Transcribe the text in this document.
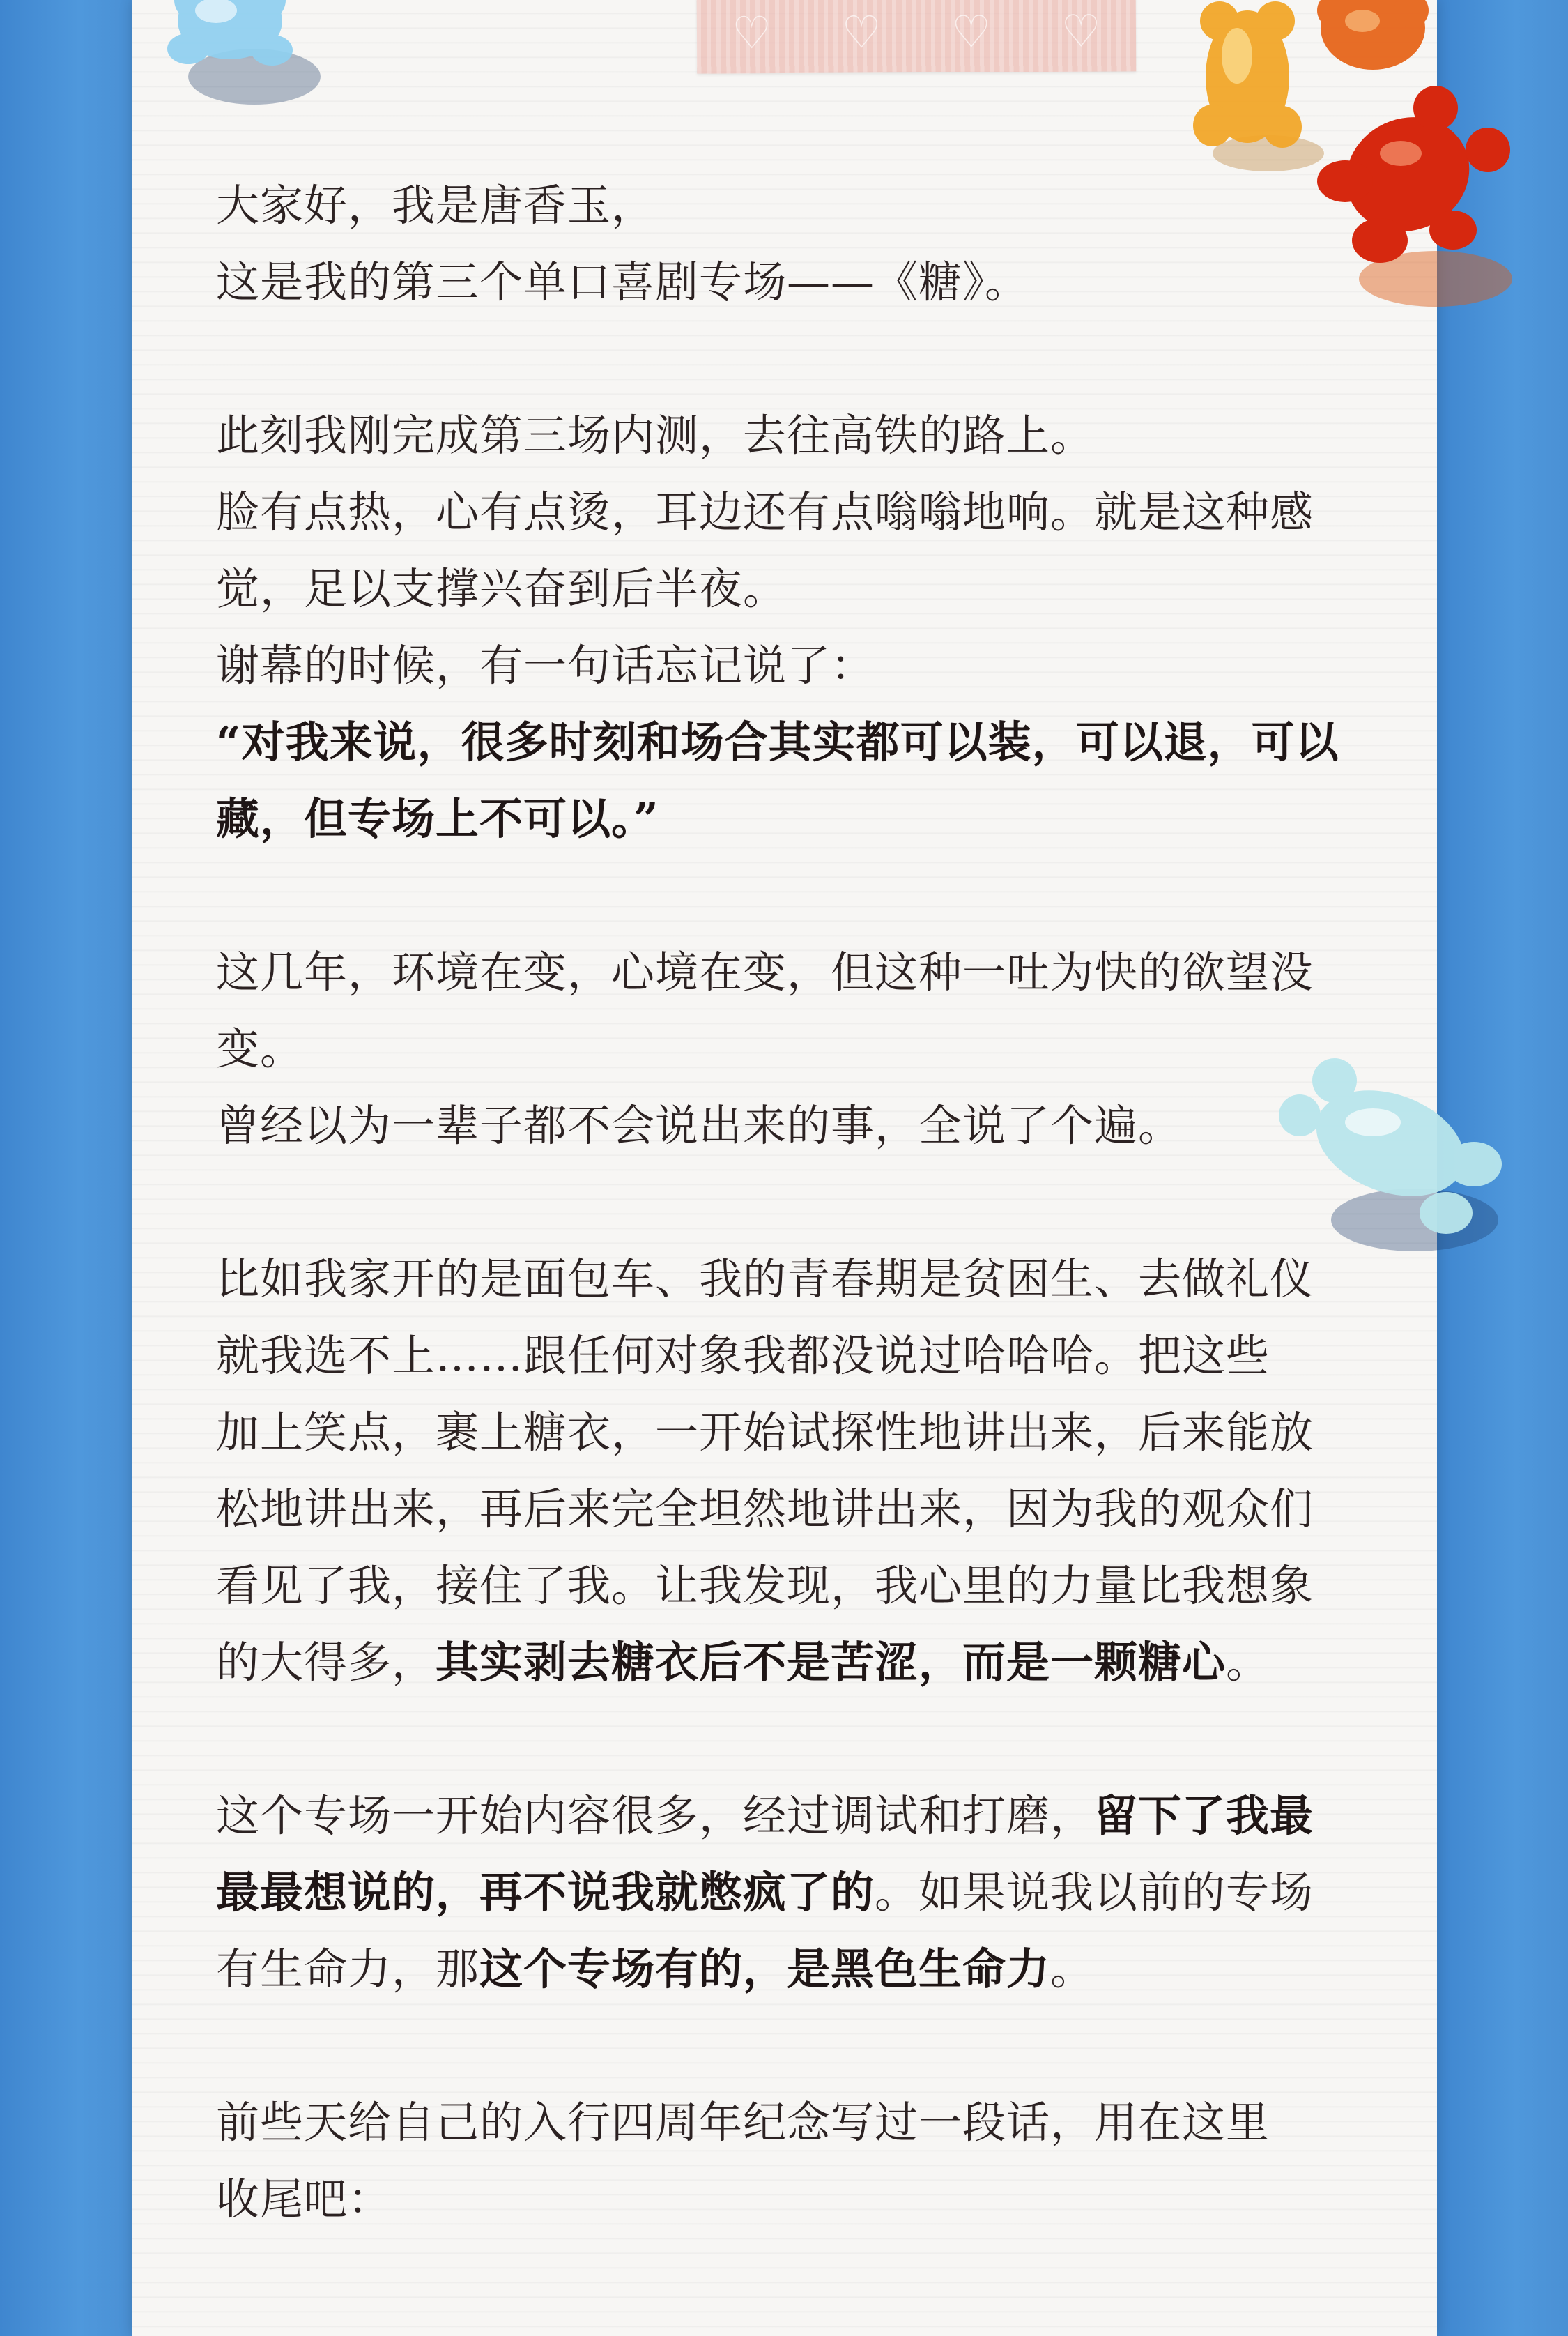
♡ ♡ ♡ ♡

大家好，我是唐香玉，
这是我的第三个单口喜剧专场——《糖》。

此刻我刚完成第三场内测，去往高铁的路上。
脸有点热，心有点烫，耳边还有点嗡嗡地响。就是这种感
觉，足以支撑兴奋到后半夜。
谢幕的时候，有一句话忘记说了：
“对我来说，很多时刻和场合其实都可以装，可以退，可以
藏，但专场上不可以。”

这几年，环境在变，心境在变，但这种一吐为快的欲望没
变。
曾经以为一辈子都不会说出来的事，全说了个遍。

比如我家开的是面包车、我的青春期是贫困生、去做礼仪
就我选不上……跟任何对象我都没说过哈哈哈。把这些
加上笑点，裹上糖衣，一开始试探性地讲出来，后来能放
松地讲出来，再后来完全坦然地讲出来，因为我的观众们
看见了我，接住了我。让我发现，我心里的力量比我想象
的大得多，其实剥去糖衣后不是苦涩，而是一颗糖心。

这个专场一开始内容很多，经过调试和打磨，留下了我最
最最想说的，再不说我就憋疯了的。如果说我以前的专场
有生命力，那这个专场有的，是黑色生命力。

前些天给自己的入行四周年纪念写过一段话，用在这里
收尾吧：
